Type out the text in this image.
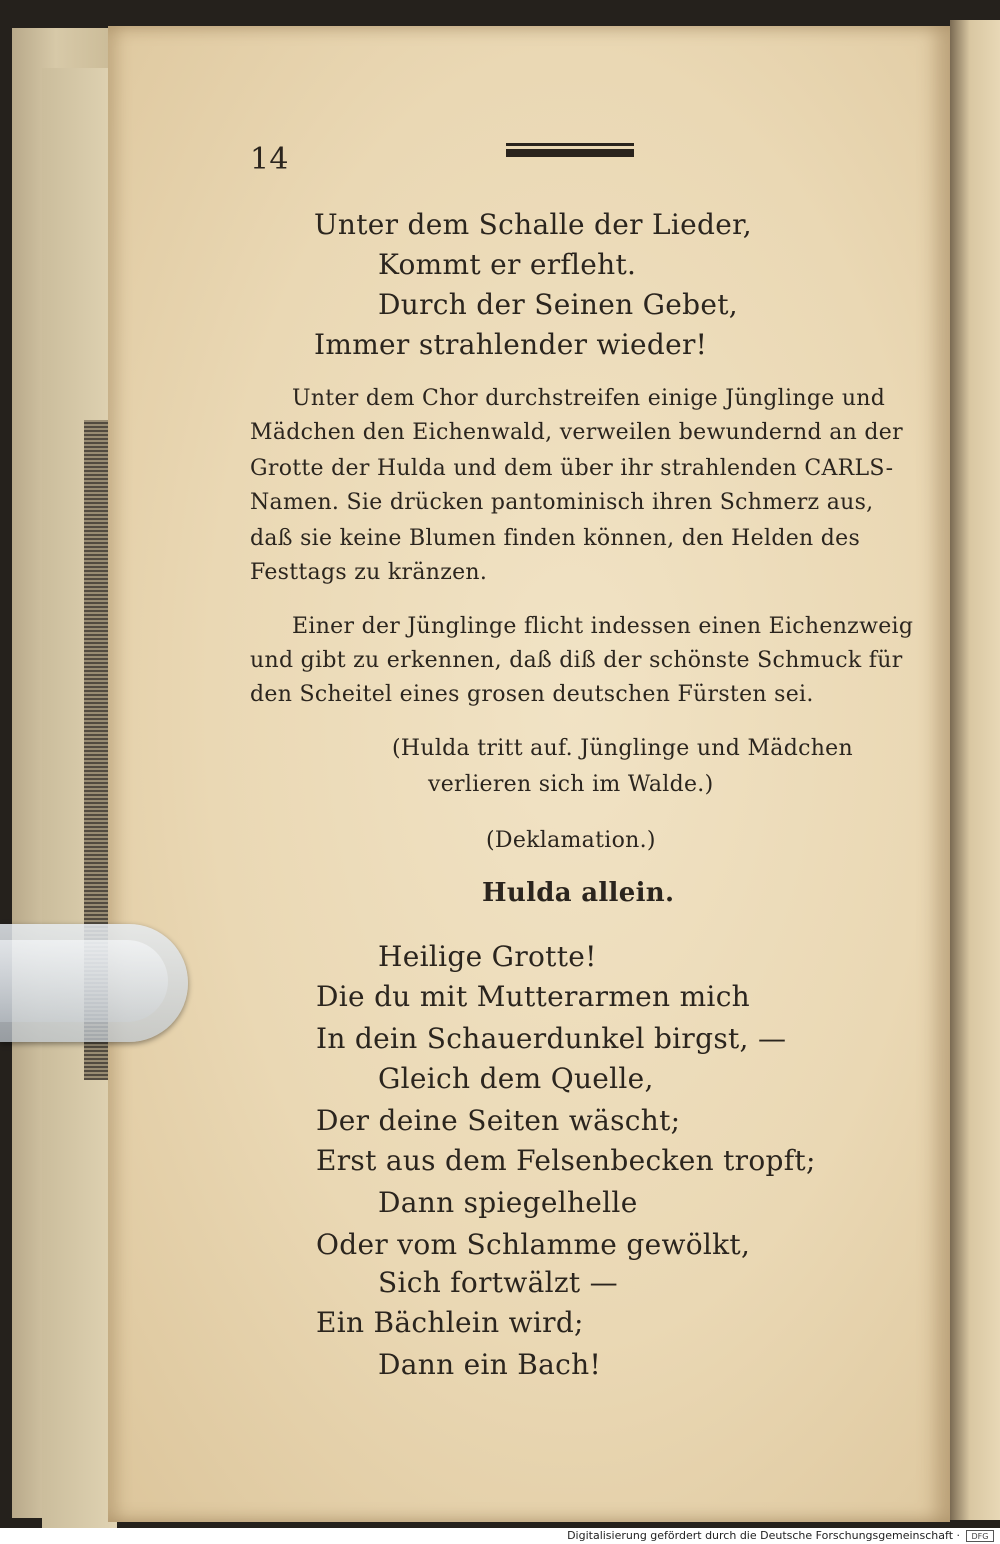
14
Unter dem Schalle der Lieder,
Kommt er erfleht.
Durch der Seinen Gebet,
Immer strahlender wieder!
Unter dem Chor durchstreifen einige Jünglinge und
Mädchen den Eichenwald, verweilen bewundernd an der
Grotte der Hulda und dem über ihr strahlenden CARLS-
Namen. Sie drücken pantominisch ihren Schmerz aus,
daß sie keine Blumen finden können, den Helden des
Festtags zu kränzen.
Einer der Jünglinge flicht indessen einen Eichenzweig
und gibt zu erkennen, daß diß der schönste Schmuck für
den Scheitel eines grosen deutschen Fürsten sei.
(Hulda tritt auf. Jünglinge und Mädchen
verlieren sich im Walde.)
(Deklamation.)
Hulda allein.
Heilige Grotte!
Die du mit Mutterarmen mich
In dein Schauerdunkel birgst, —
Gleich dem Quelle,
Der deine Seiten wäscht;
Erst aus dem Felsenbecken tropft;
Dann spiegelhelle
Oder vom Schlamme gewölkt,
Sich fortwälzt —
Ein Bächlein wird;
Dann ein Bach!
Digitalisierung gefördert durch die Deutsche Forschungsgemeinschaft ·	DFG
